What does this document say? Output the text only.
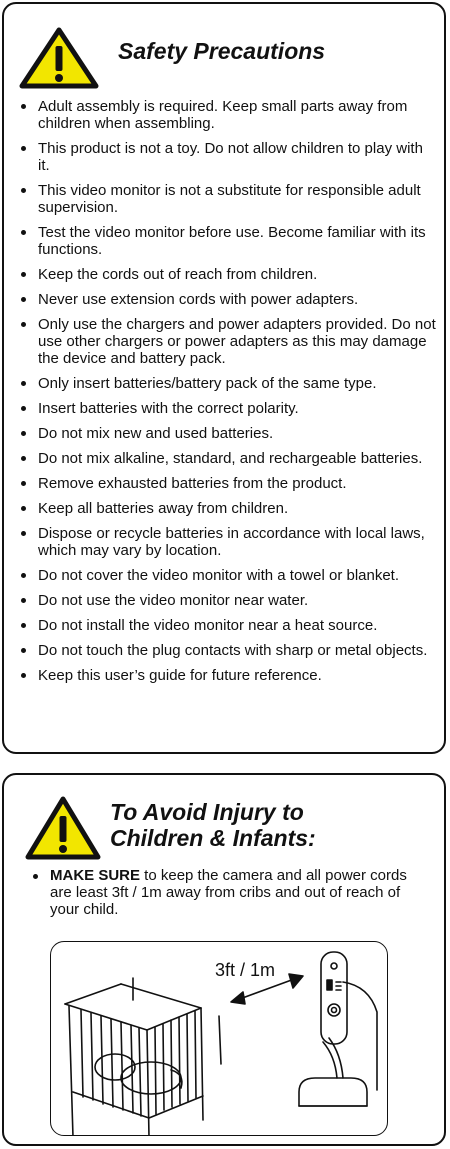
Safety Precautions
Adult assembly is required. Keep small parts away from children when assembling.
This product is not a toy. Do not allow children to play with it.
This video monitor is not a substitute for responsible adult supervision.
Test the video monitor before use. Become familiar with its functions.
Keep the cords out of reach from children.
Never use extension cords with power adapters.
Only use the chargers and power adapters provided. Do not use other chargers or power adapters as this may damage the device and battery pack.
Only insert batteries/battery pack of the same type.
Insert batteries with the correct polarity.
Do not mix new and used batteries.
Do not mix alkaline, standard, and rechargeable batteries.
Remove exhausted batteries from the product.
Keep all batteries away from children.
Dispose or recycle batteries in accordance with local laws, which may vary by location.
Do not cover the video monitor with a towel or blanket.
Do not use the video monitor near water.
Do not install the video monitor near a heat source.
Do not touch the plug contacts with sharp or metal objects.
Keep this user’s guide for future reference.
To Avoid Injury to
Children & Infants:
MAKE SURE to keep the camera and all power cords are least 3ft / 1m away from cribs and out of reach of your child.
3ft / 1m
